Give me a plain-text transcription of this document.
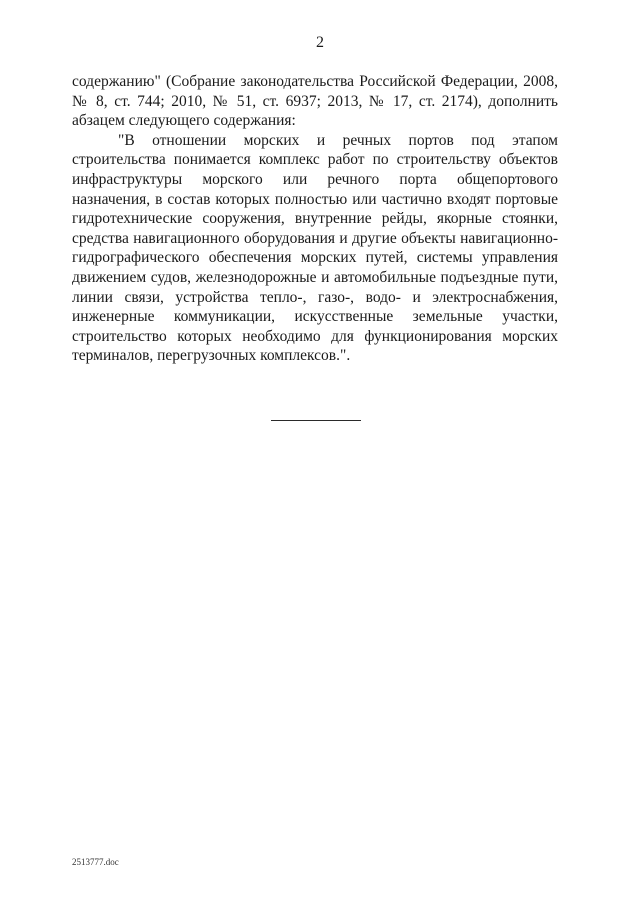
2

содержанию" (Собрание законодательства Российской Федерации, 2008, № 8, ст. 744; 2010, № 51, ст. 6937; 2013, № 17, ст. 2174), дополнить абзацем следующего содержания:

"В отношении морских и речных портов под этапом строительства понимается комплекс работ по строительству объектов инфраструктуры морского или речного порта общепортового назначения, в состав которых полностью или частично входят портовые гидротехнические сооружения, внутренние рейды, якорные стоянки, средства навигационного оборудования и другие объекты навигационно-гидрографического обеспечения морских путей, системы управления движением судов, железнодорожные и автомобильные подъездные пути, линии связи, устройства тепло-, газо-, водо- и электроснабжения, инженерные коммуникации, искусственные земельные участки, строительство которых необходимо для функционирования морских терминалов, перегрузочных комплексов.".

2513777.doc
